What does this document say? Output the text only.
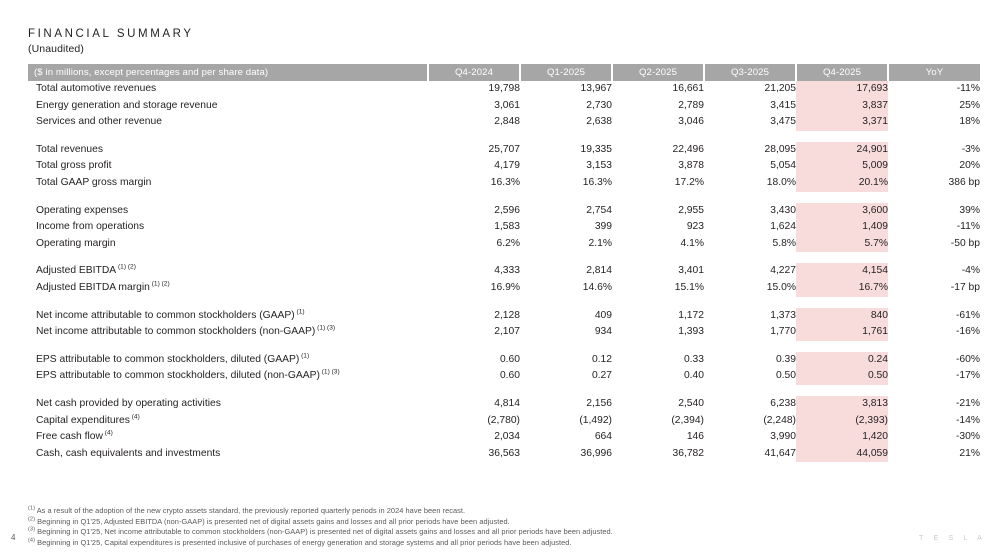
FINANCIAL SUMMARY
(Unaudited)
($ in millions, except percentages and per share data)	Q4-2024	Q1-2025	Q2-2025	Q3-2025	Q4-2025	YoY
Total automotive revenues	19,798	13,967	16,661	21,205	17,693	-11%
Energy generation and storage revenue	3,061	2,730	2,789	3,415	3,837	25%
Services and other revenue	2,848	2,638	3,046	3,475	3,371	18%

Total revenues	25,707	19,335	22,496	28,095	24,901	-3%
Total gross profit	4,179	3,153	3,878	5,054	5,009	20%
Total GAAP gross margin	16.3%	16.3%	17.2%	18.0%	20.1%	386 bp

Operating expenses	2,596	2,754	2,955	3,430	3,600	39%
Income from operations	1,583	399	923	1,624	1,409	-11%
Operating margin	6.2%	2.1%	4.1%	5.8%	5.7%	-50 bp

Adjusted EBITDA $^{(1) (2)}$	4,333	2,814	3,401	4,227	4,154	-4%
Adjusted EBITDA margin $^{(1) (2)}$	16.9%	14.6%	15.1%	15.0%	16.7%	-17 bp

Net income attributable to common stockholders (GAAP) $^{(1)}$	2,128	409	1,172	1,373	840	-61%
Net income attributable to common stockholders (non-GAAP) $^{(1) (3)}$	2,107	934	1,393	1,770	1,761	-16%

EPS attributable to common stockholders, diluted (GAAP) $^{(1)}$	0.60	0.12	0.33	0.39	0.24	-60%
EPS attributable to common stockholders, diluted (non-GAAP) $^{(1) (3)}$	0.60	0.27	0.40	0.50	0.50	-17%

Net cash provided by operating activities	4,814	2,156	2,540	6,238	3,813	-21%
Capital expenditures $^{(4)}$	(2,780)	(1,492)	(2,394)	(2,248)	(2,393)	-14%
Free cash flow $^{(4)}$	2,034	664	146	3,990	1,420	-30%
Cash, cash equivalents and investments	36,563	36,996	36,782	41,647	44,059	21%
$^{(1)}$ As a result of the adoption of the new crypto assets standard, the previously reported quarterly periods in 2024 have been recast.
$^{(2)}$ Beginning in Q1'25, Adjusted EBITDA (non-GAAP) is presented net of digital assets gains and losses and all prior periods have been adjusted.
$^{(3)}$ Beginning in Q1'25, Net income attributable to common stockholders (non-GAAP) is presented net of digital assets gains and losses and all prior periods have been adjusted.
$^{(4)}$ Beginning in Q1'25, Capital expenditures is presented inclusive of purchases of energy generation and storage systems and all prior periods have been adjusted.
4	T E S L A
